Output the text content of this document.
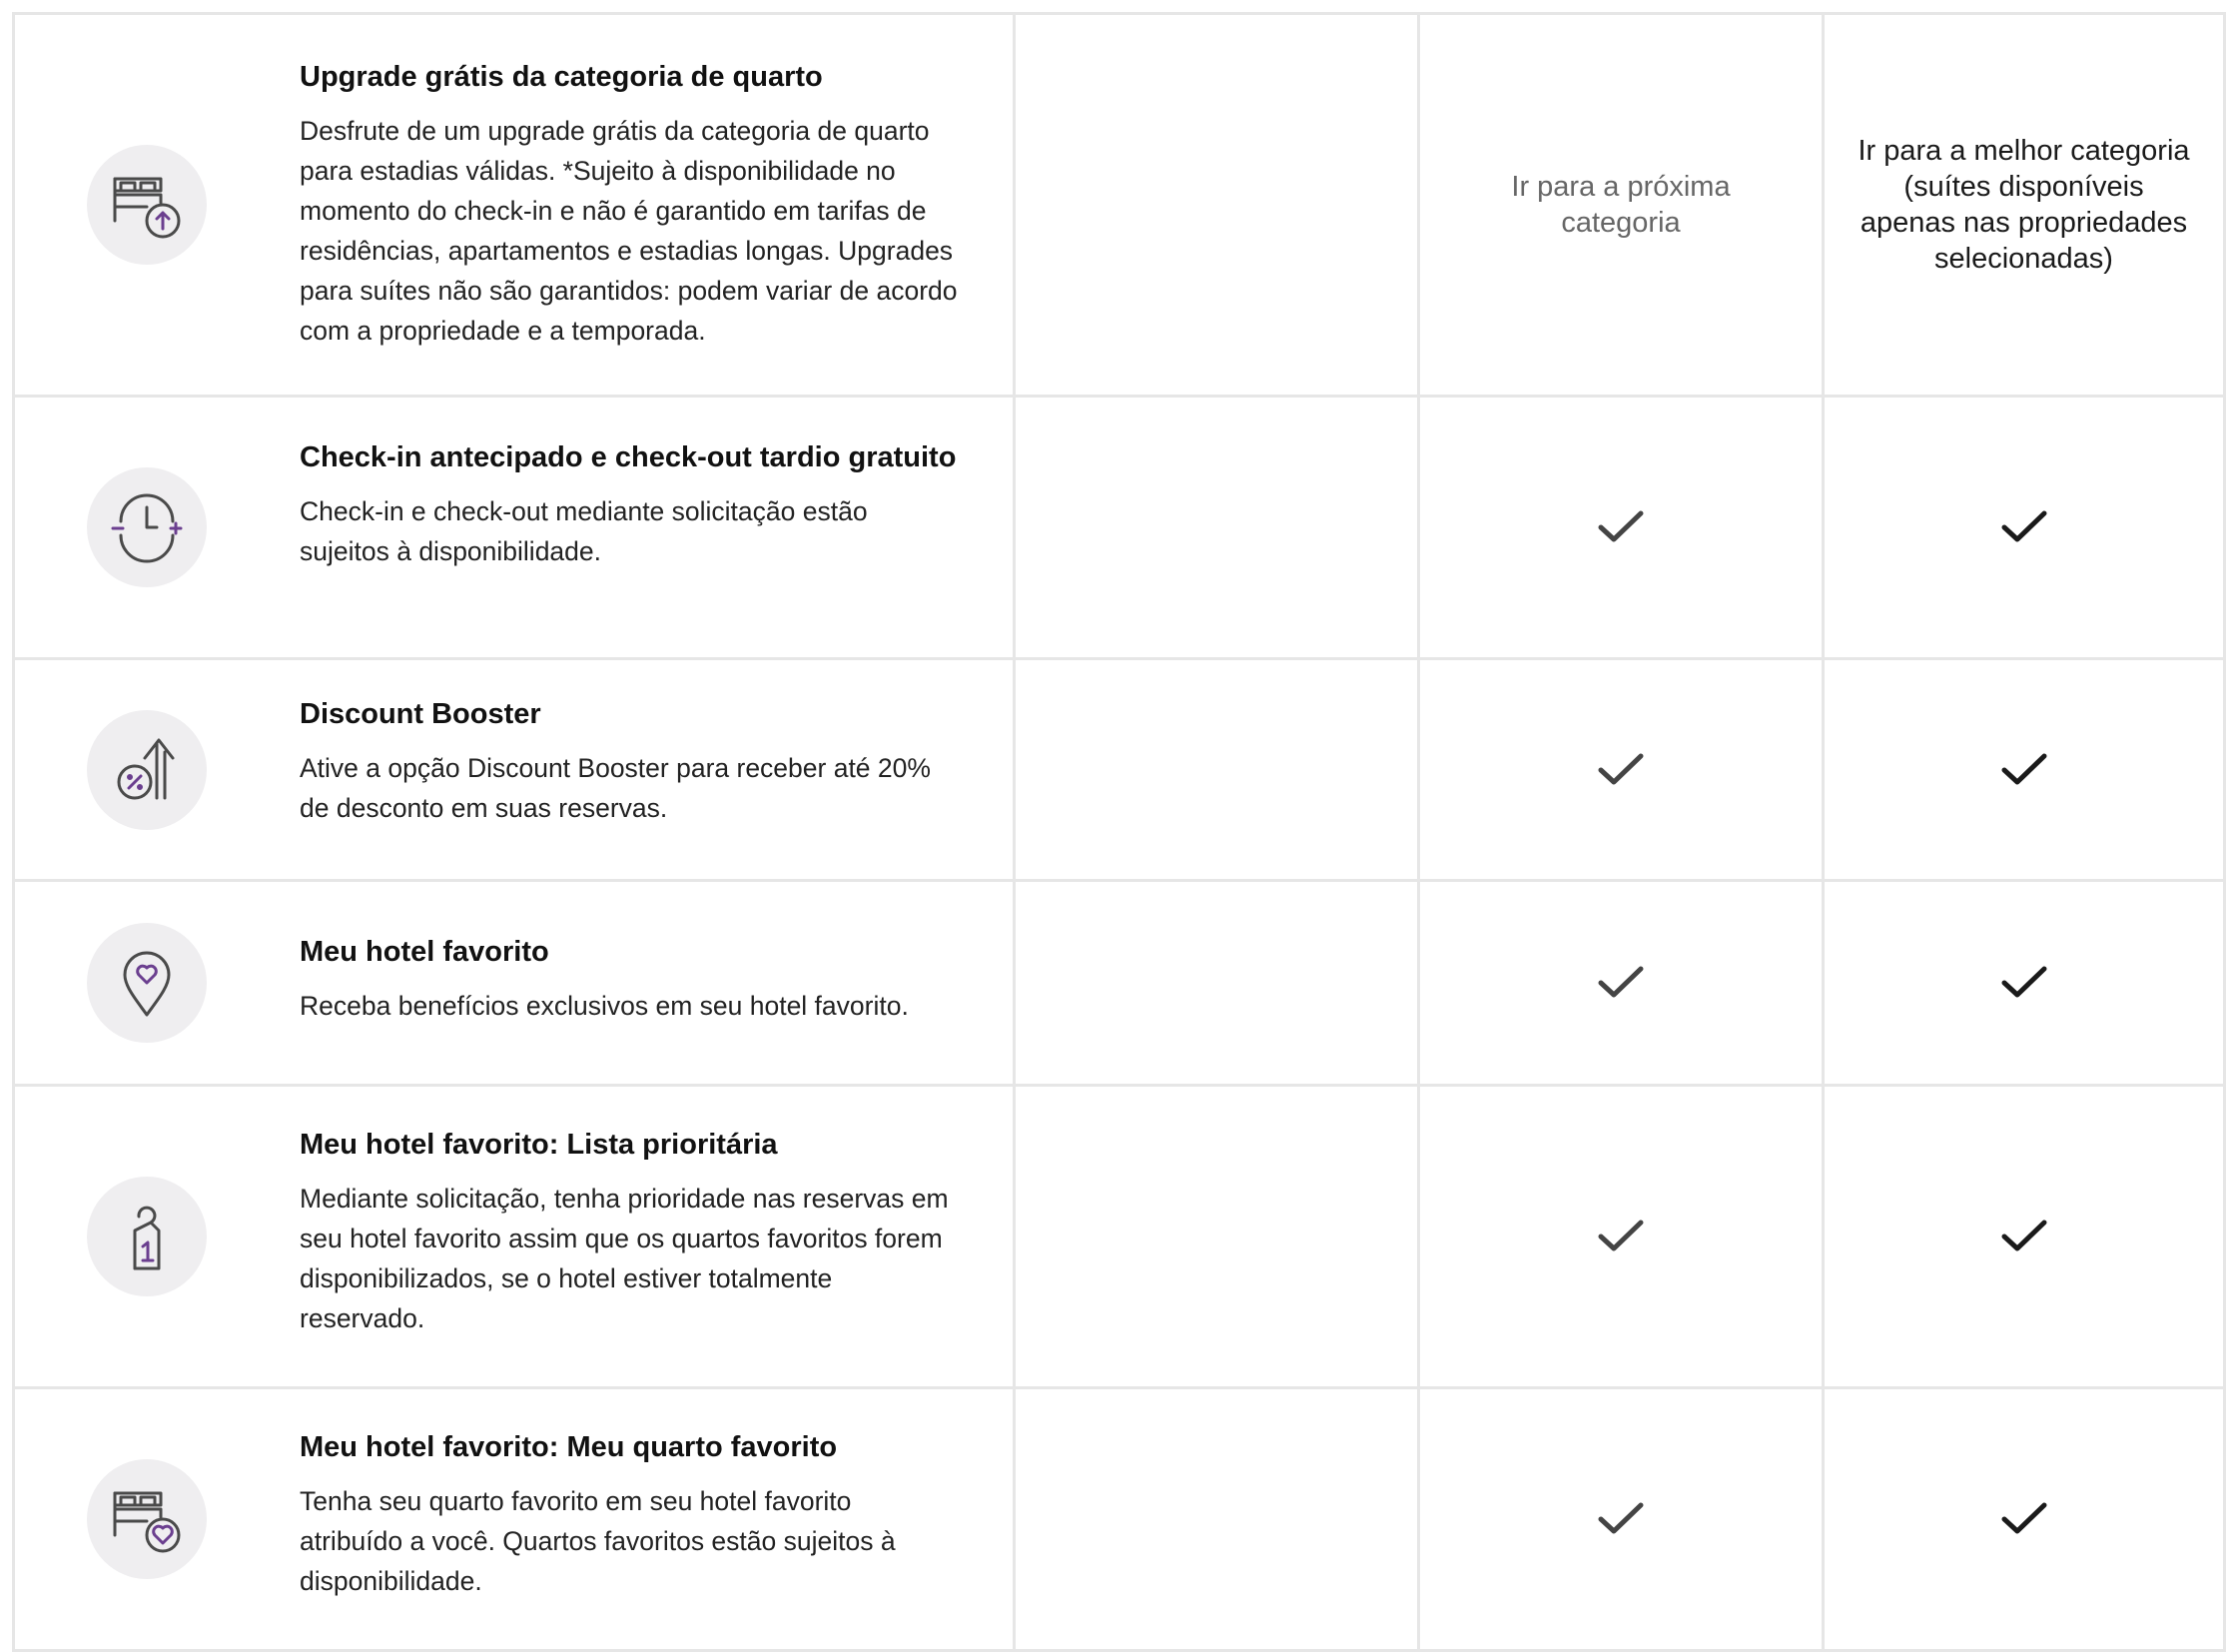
Upgrade grátis da categoria de quarto

Desfrute de um upgrade grátis da categoria de quarto para estadias válidas. *Sujeito à disponibilidade no momento do check-in e não é garantido em tarifas de residências, apartamentos e estadias longas. Upgrades para suítes não são garantidos: podem variar de acordo com a propriedade e a temporada.

Ir para a próxima categoria
Ir para a melhor categoria (suítes disponíveis apenas nas propriedades selecionadas)

Check-in antecipado e check-out tardio gratuito

Check-in e check-out mediante solicitação estão sujeitos à disponibilidade.

Discount Booster

Ative a opção Discount Booster para receber até 20% de desconto em suas reservas.

Meu hotel favorito

Receba benefícios exclusivos em seu hotel favorito.

Meu hotel favorito: Lista prioritária

Mediante solicitação, tenha prioridade nas reservas em seu hotel favorito assim que os quartos favoritos forem disponibilizados, se o hotel estiver totalmente reservado.

Meu hotel favorito: Meu quarto favorito

Tenha seu quarto favorito em seu hotel favorito atribuído a você. Quartos favoritos estão sujeitos à disponibilidade.
